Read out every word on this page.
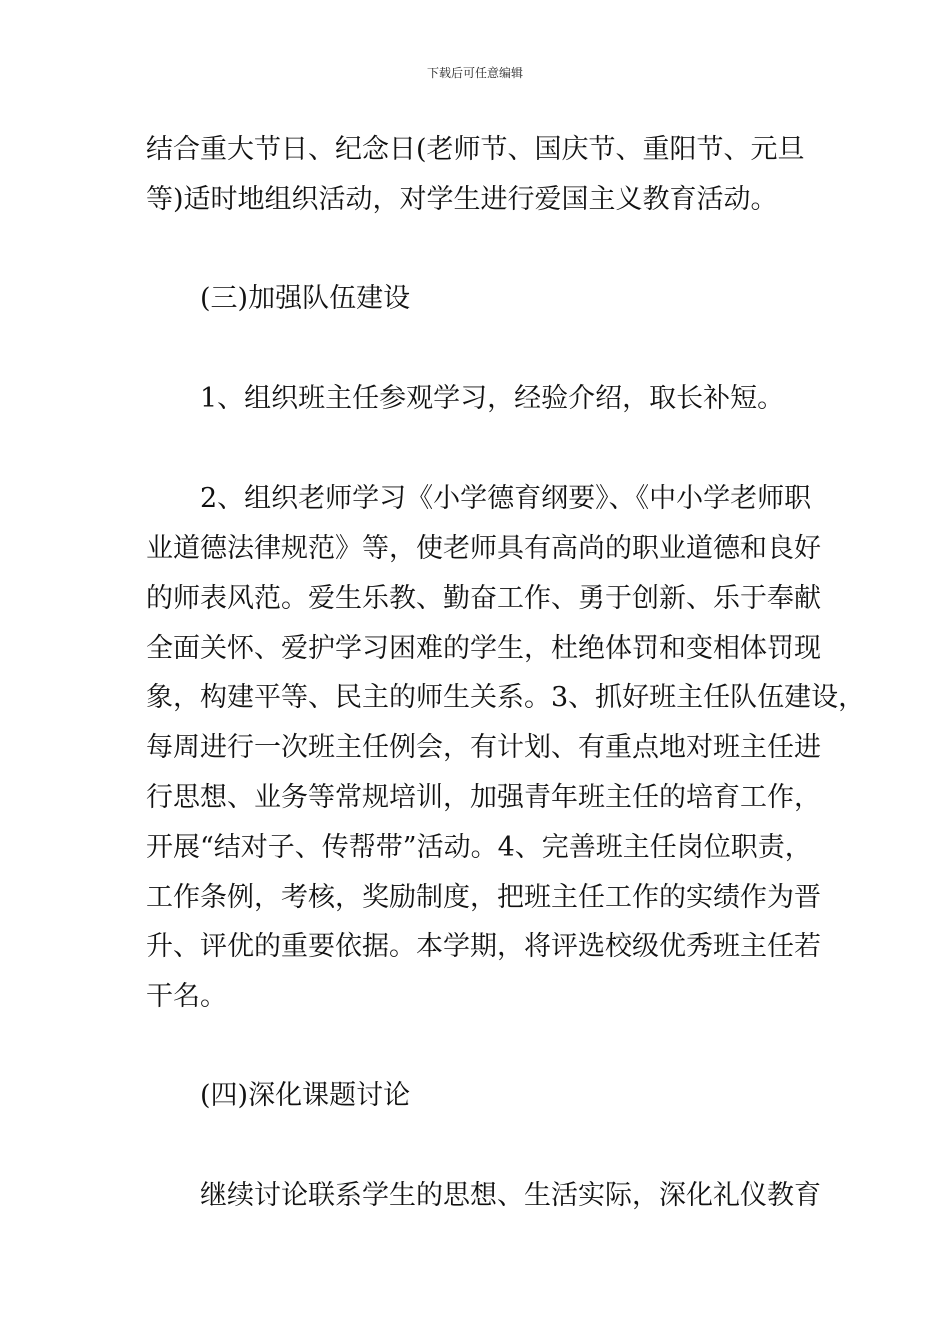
下载后可任意编辑
结合重大节日、纪念日(老师节、国庆节、重阳节、元旦
等)适时地组织活动，对学生进行爱国主义教育活动。
(三)加强队伍建设
1、组织班主任参观学习，经验介绍，取长补短。
2、组织老师学习《小学德育纲要》、《中小学老师职
业道德法律规范》等，使老师具有高尚的职业道德和良好
的师表风范。爱生乐教、勤奋工作、勇于创新、乐于奉献
全面关怀、爱护学习困难的学生，杜绝体罚和变相体罚现
象，构建平等、民主的师生关系。3、抓好班主任队伍建设，
每周进行一次班主任例会，有计划、有重点地对班主任进
行思想、业务等常规培训，加强青年班主任的培育工作，
开展“结对子、传帮带”活动。4、完善班主任岗位职责，
工作条例，考核，奖励制度，把班主任工作的实绩作为晋
升、评优的重要依据。本学期，将评选校级优秀班主任若
干名。
(四)深化课题讨论
继续讨论联系学生的思想、生活实际，深化礼仪教育
